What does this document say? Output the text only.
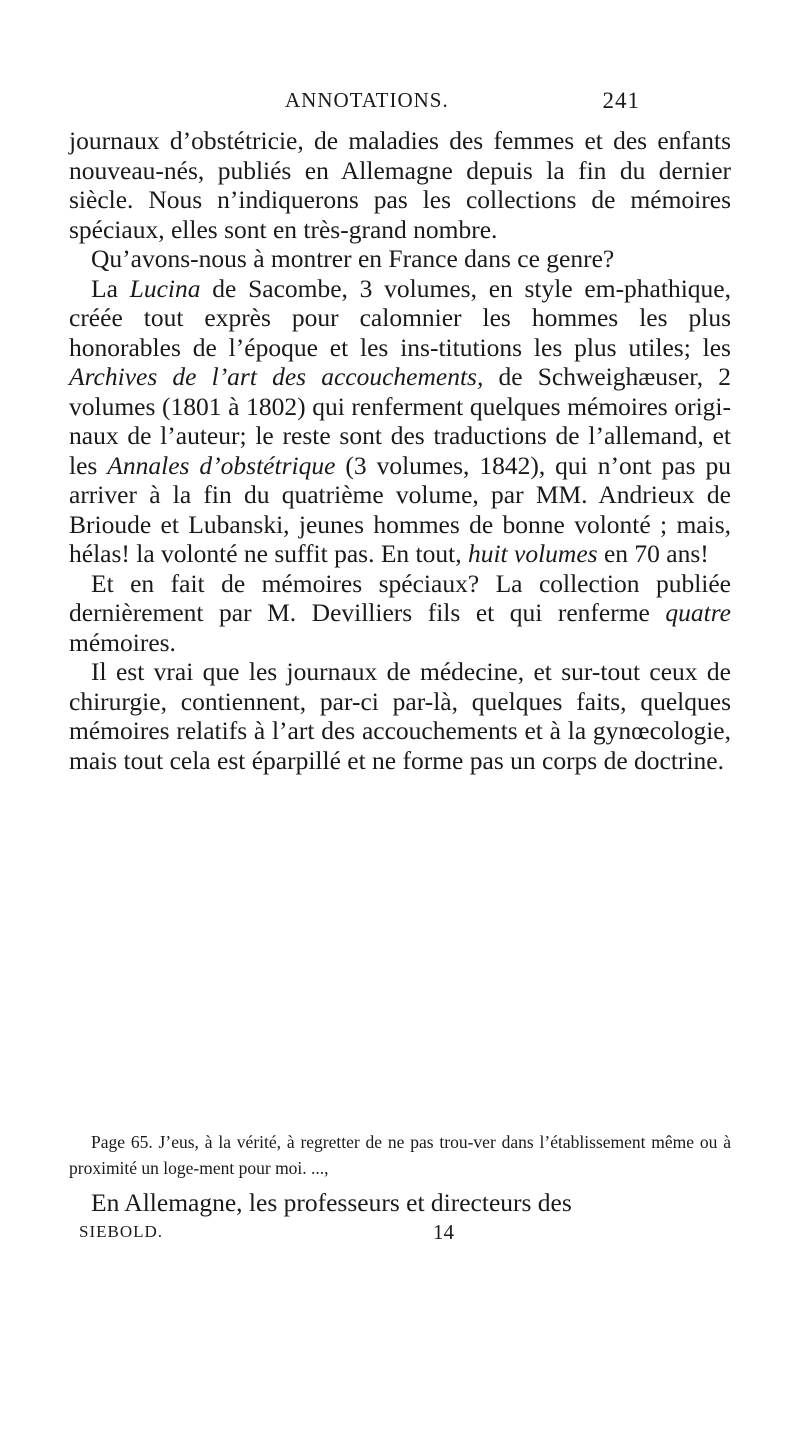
ANNOTATIONS.	241

journaux d’obstétricie, de maladies des femmes et des enfants nouveau-nés, publiés en Allemagne depuis la fin du dernier siècle. Nous n’indiquerons pas les collections de mémoires spéciaux, elles sont en très-grand nombre.

Qu’avons-nous à montrer en France dans ce genre?

La Lucina de Sacombe, 3 volumes, en style em-phathique, créée tout exprès pour calomnier les hommes les plus honorables de l’époque et les ins-titutions les plus utiles; les Archives de l’art des accouchements, de Schweighæuser, 2 volumes (1801 à 1802) qui renferment quelques mémoires origi-naux de l’auteur; le reste sont des traductions de l’allemand, et les Annales d’obstétrique (3 volumes, 1842), qui n’ont pas pu arriver à la fin du quatrième volume, par MM. Andrieux de Brioude et Lubanski, jeunes hommes de bonne volonté ; mais, hélas! la volonté ne suffit pas. En tout, huit volumes en 70 ans!

Et en fait de mémoires spéciaux? La collection publiée dernièrement par M. Devilliers fils et qui renferme quatre mémoires.

Il est vrai que les journaux de médecine, et sur-tout ceux de chirurgie, contiennent, par-ci par-là, quelques faits, quelques mémoires relatifs à l’art des accouchements et à la gynœcologie, mais tout cela est éparpillé et ne forme pas un corps de doctrine.

Page 65. J’eus, à la vérité, à regretter de ne pas trou-ver dans l’établissement même ou à proximité un loge-ment pour moi. ...,

En Allemagne, les professeurs et directeurs des

SIEBOLD.	14
